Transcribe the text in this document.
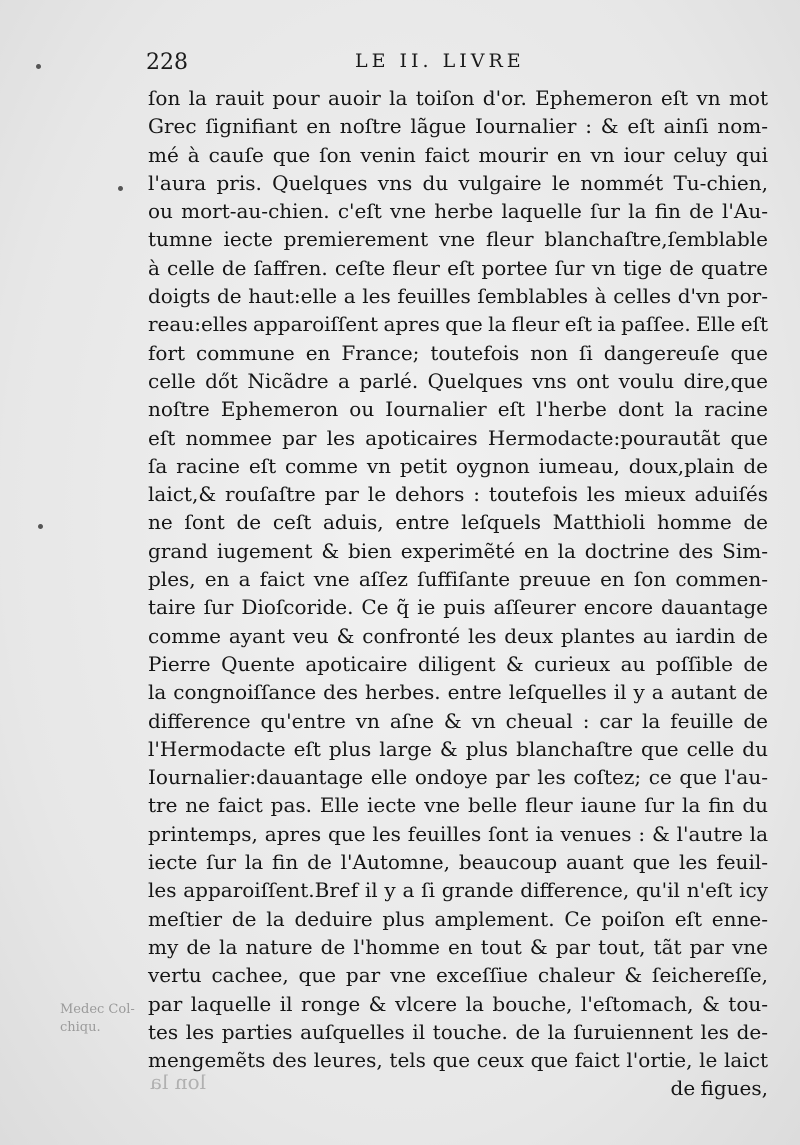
228	LE II. LIVRE
ſon la rauit pour auoir la toiſon d'or. Ephemeron eſt vn mot
Grec ſignifiant en noſtre lãgue Iournalier : & eſt ainſi nom-
mé à cauſe que ſon venin faict mourir en vn iour celuy qui
l'aura pris. Quelques vns du vulgaire le nommét Tu-chien,
ou mort-au-chien. c'eſt vne herbe laquelle ſur la fin de l'Au-
tumne iecte premierement vne fleur blanchaſtre,ſemblable
à celle de ſaffren. ceſte fleur eſt portee ſur vn tige de quatre
doigts de haut:elle a les feuilles ſemblables à celles d'vn por-
reau:elles apparoiſſent apres que la fleur eſt ia paſſee. Elle eſt
fort commune en France; toutefois non ſi dangereuſe que
celle dőt Nicãdre a parlé. Quelques vns ont voulu dire,que
noſtre Ephemeron ou Iournalier eſt l'herbe dont la racine
eſt nommee par les apoticaires Hermodacte:pourautãt que
ſa racine eſt comme vn petit oygnon iumeau, doux,plain de
laict,& rouſaſtre par le dehors : toutefois les mieux aduiſés
ne ſont de ceſt aduis, entre leſquels Matthioli homme de
grand iugement & bien experimẽté en la doctrine des Sim-
ples, en a faict vne aſſez ſuffiſante preuue en ſon commen-
taire ſur Dioſcoride. Ce q̃ ie puis aſſeurer encore dauantage
comme ayant veu & confronté les deux plantes au iardin de
Pierre Quente apoticaire diligent & curieux au poſſible de
la congnoiſſance des herbes. entre leſquelles il y a autant de
difference qu'entre vn aſne & vn cheual : car la feuille de
l'Hermodacte eſt plus large & plus blanchaſtre que celle du
Iournalier:dauantage elle ondoye par les coſtez; ce que l'au-
tre ne faict pas. Elle iecte vne belle fleur iaune ſur la fin du
printemps, apres que les feuilles ſont ia venues : & l'autre la
iecte ſur la fin de l'Automne, beaucoup auant que les feuil-
les apparoiſſent.Bref il y a ſi grande difference, qu'il n'eſt icy
meſtier de la deduire plus amplement. Ce poiſon eſt enne-
my de la nature de l'homme en tout & par tout, tãt par vne
vertu cachee, que par vne exceſſiue chaleur & ſeichereſſe,
par laquelle il ronge & vlcere la bouche, l'eſtomach, & tou-
tes les parties auſquelles il touche. de la ſuruiennent les de-
mengemẽts des leures, tels que ceux que faict l'ortie, le laict
de figues,
Medec Col-
chiqu.
lon la
